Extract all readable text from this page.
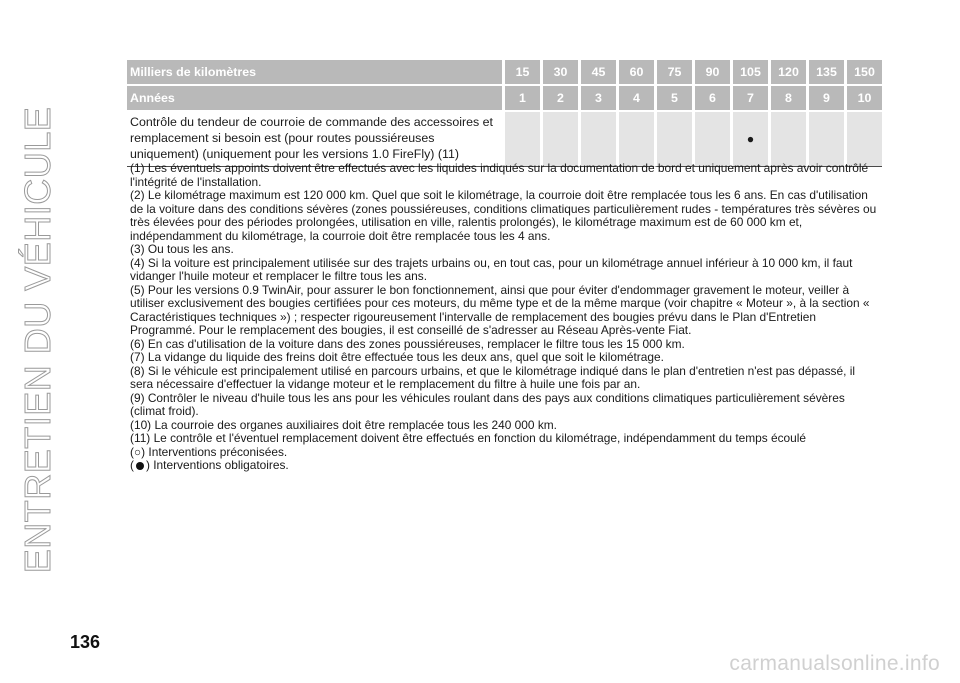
ENTRETIEN DU VÉHICULE
Milliers de kilomètres	15	30	45	60	75	90	105	120	135	150
Années	1	2	3	4	5	6	7	8	9	10
Contrôle du tendeur de courroie de commande des accessoires et remplacement si besoin est (pour routes poussiéreuses uniquement) (uniquement pour les versions 1.0 FireFly) (11)							●			

(1) Les éventuels appoints doivent être effectués avec les liquides indiqués sur la documentation de bord et uniquement après avoir contrôlé l'intégrité de l'installation.

(2) Le kilométrage maximum est 120 000 km. Quel que soit le kilométrage, la courroie doit être remplacée tous les 6 ans. En cas d'utilisation de la voiture dans des conditions sévères (zones poussiéreuses, conditions climatiques particulièrement rudes - températures très sévères ou très élevées pour des périodes prolongées, utilisation en ville, ralentis prolongés), le kilométrage maximum est de 60 000 km et, indépendamment du kilométrage, la courroie doit être remplacée tous les 4 ans.

(3) Ou tous les ans.

(4) Si la voiture est principalement utilisée sur des trajets urbains ou, en tout cas, pour un kilométrage annuel inférieur à 10 000 km, il faut vidanger l'huile moteur et remplacer le filtre tous les ans.

(5) Pour les versions 0.9 TwinAir, pour assurer le bon fonctionnement, ainsi que pour éviter d'endommager gravement le moteur, veiller à utiliser exclusivement des bougies certifiées pour ces moteurs, du même type et de la même marque (voir chapitre « Moteur », à la section « Caractéristiques techniques ») ; respecter rigoureusement l'intervalle de remplacement des bougies prévu dans le Plan d'Entretien Programmé. Pour le remplacement des bougies, il est conseillé de s'adresser au Réseau Après-vente Fiat.

(6) En cas d'utilisation de la voiture dans des zones poussiéreuses, remplacer le filtre tous les 15 000 km.

(7) La vidange du liquide des freins doit être effectuée tous les deux ans, quel que soit le kilométrage.

(8) Si le véhicule est principalement utilisé en parcours urbains, et que le kilométrage indiqué dans le plan d'entretien n'est pas dépassé, il sera nécessaire d'effectuer la vidange moteur et le remplacement du filtre à huile une fois par an.

(9) Contrôler le niveau d'huile tous les ans pour les véhicules roulant dans des pays aux conditions climatiques particulièrement sévères (climat froid).

(10) La courroie des organes auxiliaires doit être remplacée tous les 240 000 km.

(11) Le contrôle et l'éventuel remplacement doivent être effectués en fonction du kilométrage, indépendamment du temps écoulé

(○) Interventions préconisées.

( ) Interventions obligatoires.

136
carmanualsonline.info
